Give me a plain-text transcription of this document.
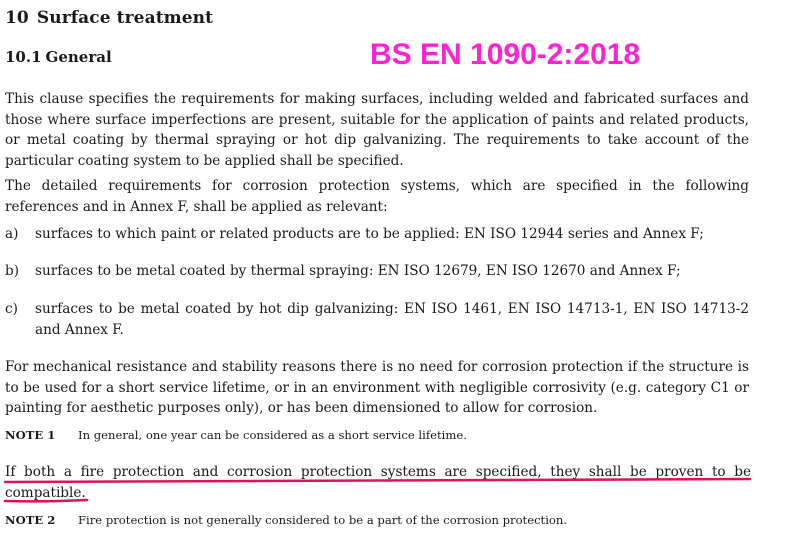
10 Surface treatment
10.1 General	BS EN 1090-2:2018

This clause specifies the requirements for making surfaces, including welded and fabricated surfaces and those where surface imperfections are present, suitable for the application of paints and related products, or metal coating by thermal spraying or hot dip galvanizing. The requirements to take account of the particular coating system to be applied shall be specified.

The detailed requirements for corrosion protection systems, which are specified in the following references and in Annex F, shall be applied as relevant:

a)	surfaces to which paint or related products are to be applied: EN ISO 12944 series and Annex F;
b)	surfaces to be metal coated by thermal spraying: EN ISO 12679, EN ISO 12670 and Annex F;
c)	surfaces to be metal coated by hot dip galvanizing: EN ISO 1461, EN ISO 14713-1, EN ISO 14713-2 and Annex F.

For mechanical resistance and stability reasons there is no need for corrosion protection if the structure is to be used for a short service lifetime, or in an environment with negligible corrosivity (e.g. category C1 or painting for aesthetic purposes only), or has been dimensioned to allow for corrosion.

NOTE 1 In general, one year can be considered as a short service lifetime.

If both a fire protection and corrosion protection systems are specified, they shall be proven to be compatible.

NOTE 2 Fire protection is not generally considered to be a part of the corrosion protection.
